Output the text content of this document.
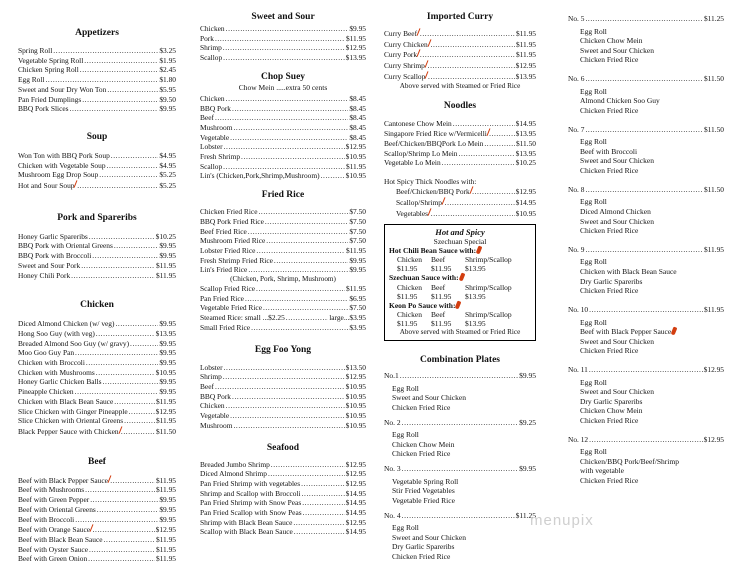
Appetizers
Spring Roll .....	$3.25
Vegetable Spring Roll .....	$1.95
Chicken Spring Roll .....	$2.45
Egg Roll .....	$1.80
Sweet and Sour Dry Won Ton .....	$5.95
Pan Fried Dumplings .....	$9.50
BBQ Pork Slices .....	$9.95
Soup
Won Ton with BBQ Pork Soup .....	$4.95
Chicken with Vegetable Soup .....	$4.95
Mushroom Egg Drop Soup .....	$5.25
Hot and Sour Soup .....	$5.25
Pork and Spareribs
Honey Garlic Spareribs .....	$10.25
BBQ Pork with Oriental Greens .....	$9.95
BBQ Pork with Broccoli .....	$9.95
Sweet and Sour Pork .....	$11.95
Honey Chili Pork .....	$11.95
Chicken
Diced Almond Chicken (w/ veg) .....	$9.95
Hong Soo Guy (with veg) .....	$13.95
Breaded Almond Soo Guy (w/ gravy) .....	$9.95
Moo Goo Guy Pan .....	$9.95
Chicken with Broccoli .....	$9.95
Chicken with Mushrooms .....	$10.95
Honey Garlic Chicken Balls .....	$9.95
Pineapple Chicken .....	$9.95
Chicken with Black Bean Sauce .....	$11.95
Slice Chicken with Ginger Pineapple .....	$12.95
Slice Chicken with Oriental Greens .....	$11.95
Black Pepper Sauce with Chicken .....	$11.50
Beef
Beef with Black Pepper Sauce .....	$11.95
Beef with Mushrooms .....	$11.95
Beef with Green Pepper .....	$9.95
Beef with Oriental Greens .....	$9.95
Beef with Broccoli .....	$9.95
Beef with Orange Sauce .....	$12.95
Beef with Black Bean Sauce .....	$11.95
Beef with Oyster Sauce .....	$11.95
Beef with Green Onion .....	$11.95
Sweet and Sour
Chicken .....	$9.95
Pork .....	$11.95
Shrimp .....	$12.95
Scallop .....	$13.95
Chop Suey
Chow Mein .....extra 50 cents
Chicken .....	$8.45
BBQ Pork .....	$8.45
Beef .....	$8.45
Mushroom .....	$8.45
Vegetable .....	$8.45
Lobster .....	$12.95
Fresh Shrimp .....	$10.95
Scallop .....	$11.95
Lin's (Chicken,Pork,Shrimp,Mushroom) .....	$10.95
Fried Rice
Chicken Fried Rice .....	$7.50
BBQ Pork Fried Rice .....	$7.50
Beef Fried Rice .....	$7.50
Mushroom Fried Rice .....	$7.50
Lobster Fried Rice .....	$11.95
Fresh Shrimp Fried Rice .....	$9.95
Lin's Fried Rice .....	$9.95
(Chicken, Pork, Shrimp, Mushroom)
Scallop Fried Rice .....	$11.95
Pan Fried Rice .....	$6.95
Vegetable Fried Rice .....	$7.50
Steamed Rice: small ...$2.25 .....	large...$3.95
Small Fried Rice .....	$3.95
Egg Foo Yong
Lobster .....	$13.50
Shrimp .....	$12.95
Beef .....	$10.95
BBQ Pork .....	$10.95
Chicken .....	$10.95
Vegetable .....	$10.95
Mushroom .....	$10.95
Seafood
Breaded Jumbo Shrimp .....	$12.95
Diced Almond Shrimp .....	$12.95
Pan Fried Shrimp with vegetables .....	$12.95
Shrimp and Scallop with Broccoli .....	$14.95
Pan Fried Shrimp with Snow Peas .....	$14.95
Pan Fried Scallop with Snow Peas .....	$14.95
Shrimp with Black Bean Sauce .....	$12.95
Scallop with Black Bean Sauce .....	$14.95
Imported Curry
Curry Beef .....	$11.95
Curry Chicken .....	$11.95
Curry Pork .....	$11.95
Curry Shrimp .....	$12.95
Curry Scallop .....	$13.95
Above served with Steamed or Fried Rice
Noodles
Cantonese Chow Mein .....	$14.95
Singapore Fried Rice w/Vermicelli .....	$13.95
Beef/Chicken/BBQPork Lo Mein .....	$11.50
Scallop/Shrimp Lo Mein .....	$13.95
Vegetable Lo Mein .....	$10.25
Hot Spicy Thick Noodles with:
Beef/Chicken/BBQ Pork .....	$12.95
Scallop/Shrimp .....	$14.95
Vegetables .....	$10.95
Hot and Spicy
Szechuan Special
Hot Chili Bean Sauce with:
Chicken	Beef	Shrimp/Scallop
$11.95	$11.95	$13.95
Szechuan Sauce with:
Chicken	Beef	Shrimp/Scallop
$11.95	$11.95	$13.95
Keon Po Sauce with:
Chicken	Beef	Shrimp/Scallop
$11.95	$11.95	$13.95
Above served with Steamed or Fried Rice
Combination Plates
No.1 .....	$9.95
Egg Roll
Sweet and Sour Chicken
Chicken Fried Rice
No. 2 .....	$9.25
Egg Roll
Chicken Chow Mein
Chicken Fried Rice
No. 3 .....	$9.95
Vegetable Spring Roll
Stir Fried Vegetables
Vegetable Fried Rice
No. 4 .....	$11.25
Egg Roll
Sweet and Sour Chicken
Dry Garlic Spareribs
Chicken Fried Rice
No. 5 .....	$11.25
Egg Roll
Chicken Chow Mein
Sweet and Sour Chicken
Chicken Fried Rice
No. 6 .....	$11.50
Egg Roll
Almond Chicken Soo Guy
Chicken Fried Rice
No. 7 .....	$11.50
Egg Roll
Beef with Broccoli
Sweet and Sour Chicken
Chicken Fried Rice
No. 8 .....	$11.50
Egg Roll
Diced Almond Chicken
Sweet and Sour Chicken
Chicken Fried Rice
No. 9 .....	$11.95
Egg Roll
Chicken with Black Bean Sauce
Dry Garlic Spareribs
Chicken Fried Rice
No. 10 .....	$11.95
Egg Roll
Beef with Black Pepper Sauce
Sweet and Sour Chicken
Chicken Fried Rice
No. 11 .....	$12.95
Egg Roll
Sweet and Sour Chicken
Dry Garlic Spareribs
Chicken Chow Mein
Chicken Fried Rice
No. 12 .....	$12.95
Egg Roll
Chicken/BBQ Pork/Beef/Shrimp
with vegetable
Chicken Fried Rice
menupix
